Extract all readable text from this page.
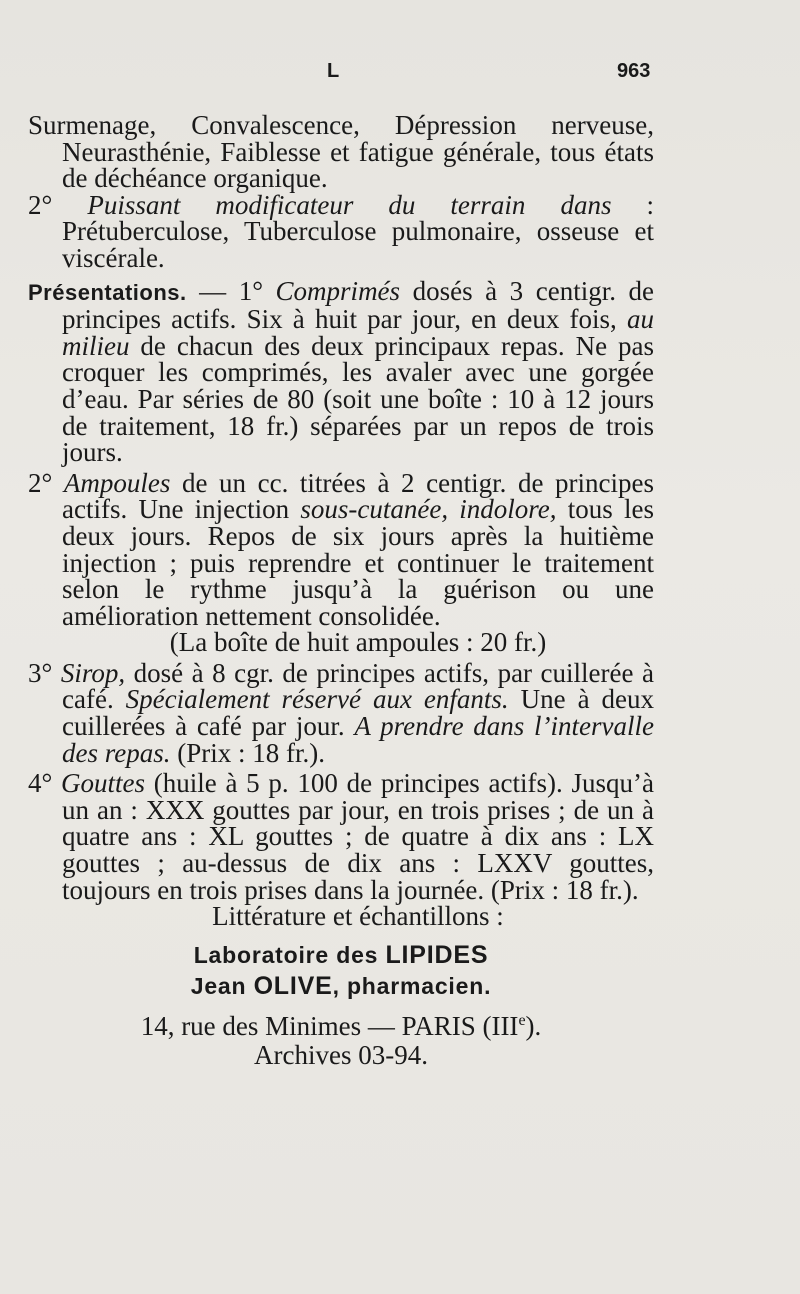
L	963

Surmenage, Convalescence, Dépression nerveuse, Neurasthénie, Faiblesse et fatigue générale, tous états de déchéance organique.

2° Puissant modificateur du terrain dans : Prétuberculose, Tuberculose pulmonaire, osseuse et viscérale.

Présentations. — 1° Comprimés dosés à 3 centigr. de principes actifs. Six à huit par jour, en deux fois, au milieu de chacun des deux principaux repas. Ne pas croquer les comprimés, les avaler avec une gorgée d’eau. Par séries de 80 (soit une boîte : 10 à 12 jours de traitement, 18 fr.) séparées par un repos de trois jours.

2° Ampoules de un cc. titrées à 2 centigr. de principes actifs. Une injection sous-cutanée, indolore, tous les deux jours. Repos de six jours après la huitième injection ; puis reprendre et continuer le traitement selon le rythme jusqu’à la guérison ou une amélioration nettement consolidée.

(La boîte de huit ampoules : 20 fr.)

3° Sirop, dosé à 8 cgr. de principes actifs, par cuillerée à café. Spécialement réservé aux enfants. Une à deux cuillerées à café par jour. A prendre dans l’intervalle des repas. (Prix : 18 fr.).

4° Gouttes (huile à 5 p. 100 de principes actifs). Jusqu’à un an : XXX gouttes par jour, en trois prises ; de un à quatre ans : XL gouttes ; de quatre à dix ans : LX gouttes ; au-dessus de dix ans : LXXV gouttes, toujours en trois prises dans la journée. (Prix : 18 fr.).

Littérature et échantillons :

Laboratoire des LIPIDES
Jean OLIVE, pharmacien.
14, rue des Minimes — PARIS (IIIe).
Archives 03-94.
